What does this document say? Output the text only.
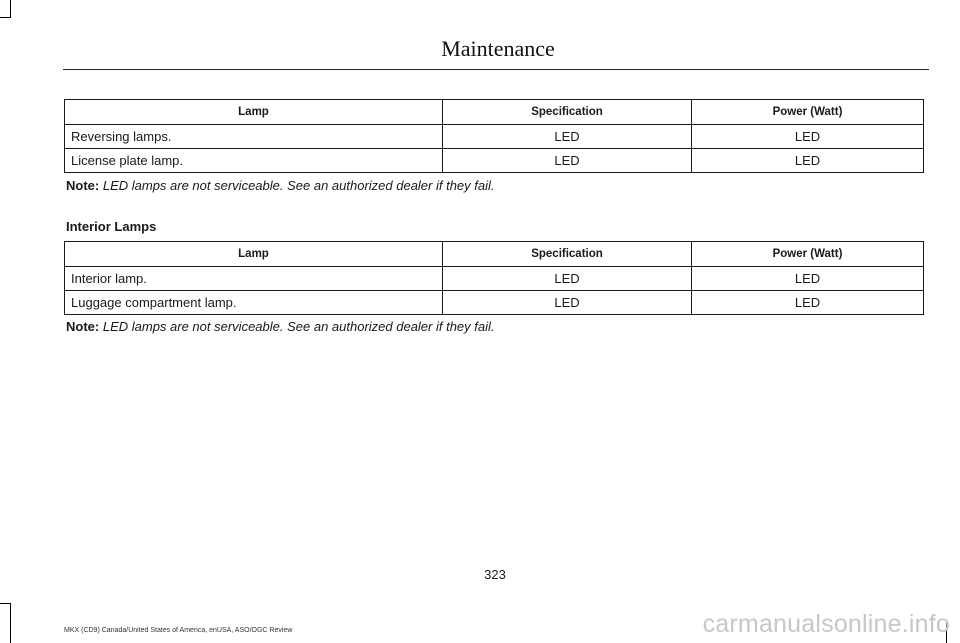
Maintenance
Lamp	Specification	Power (Watt)
Reversing lamps.	LED	LED
License plate lamp.	LED	LED
Note: LED lamps are not serviceable. See an authorized dealer if they fail.
Interior Lamps
Lamp	Specification	Power (Watt)
Interior lamp.	LED	LED
Luggage compartment lamp.	LED	LED
Note: LED lamps are not serviceable. See an authorized dealer if they fail.
323
MKX (CD9) Canada/United States of America, enUSA, ASO/OGC Review	carmanualsonline.info
